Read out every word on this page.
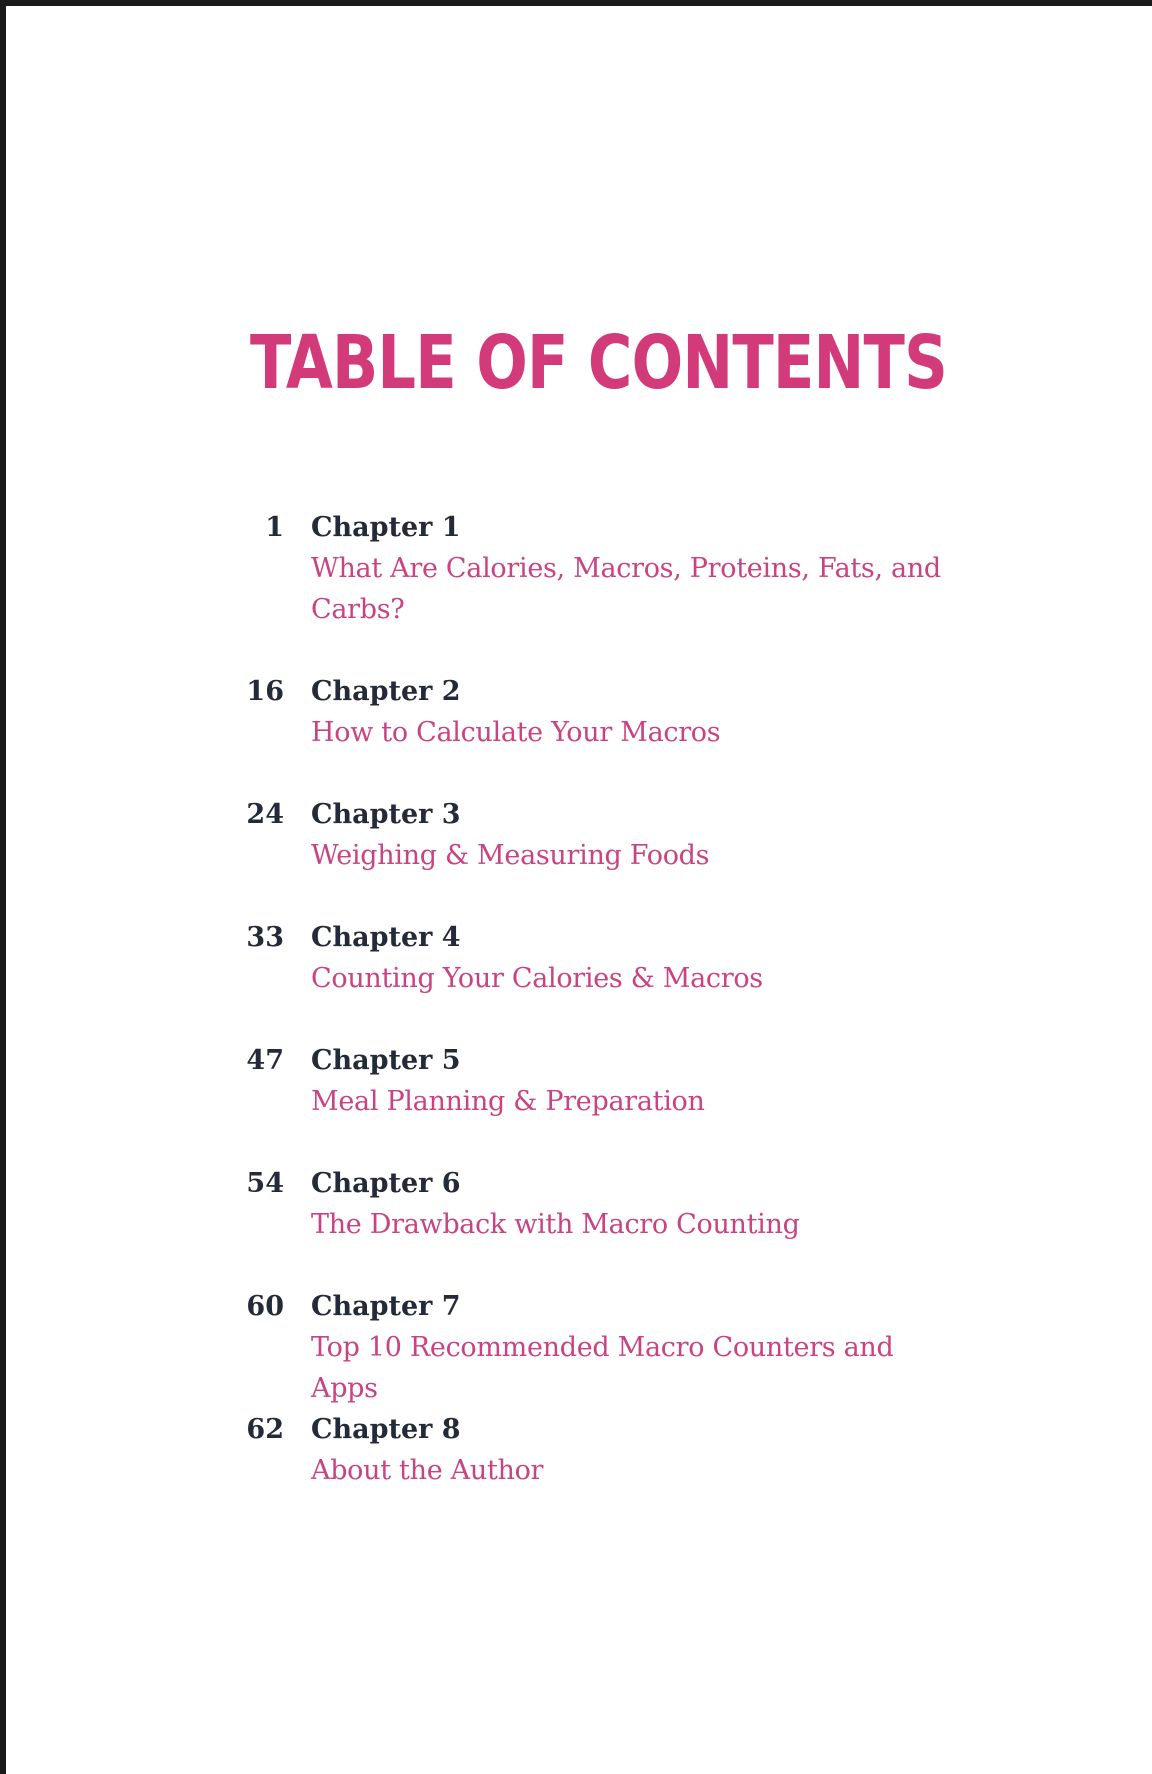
TABLE OF CONTENTS
1 Chapter 1
What Are Calories, Macros, Proteins, Fats, and Carbs?
16 Chapter 2
How to Calculate Your Macros
24 Chapter 3
Weighing & Measuring Foods
33 Chapter 4
Counting Your Calories & Macros
47 Chapter 5
Meal Planning & Preparation
54 Chapter 6
The Drawback with Macro Counting
60 Chapter 7
Top 10 Recommended Macro Counters and Apps
62 Chapter 8
About the Author
